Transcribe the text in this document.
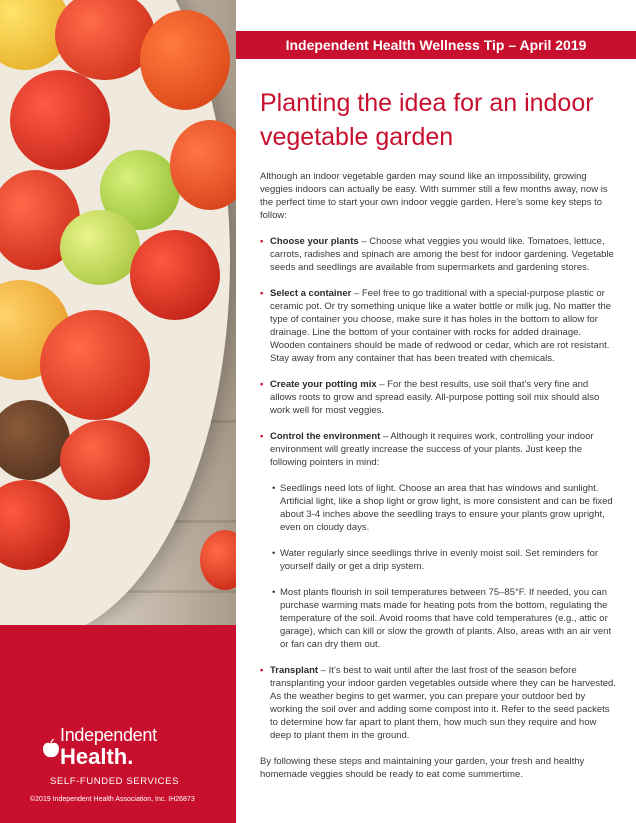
Independent
Health.
SELF-FUNDED SERVICES
©2019 Independent Health Association, Inc. IH26873
Independent Health Wellness Tip – April 2019
Planting the idea for an indoor vegetable garden

Although an indoor vegetable garden may sound like an impossibility, growing veggies indoors can actually be easy. With summer still a few months away, now is the perfect time to start your own indoor veggie garden. Here’s some key steps to follow:

• Choose your plants – Choose what veggies you would like. Tomatoes, lettuce, carrots, radishes and spinach are among the best for indoor gardening. Vegetable seeds and seedlings are available from supermarkets and gardening stores.
• Select a container – Feel free to go traditional with a special-purpose plastic or ceramic pot. Or try something unique like a water bottle or milk jug. No matter the type of container you choose, make sure it has holes in the bottom to allow for drainage. Line the bottom of your container with rocks for added drainage. Wooden containers should be made of redwood or cedar, which are rot resistant. Stay away from any container that has been treated with chemicals.
• Create your potting mix – For the best results, use soil that’s very fine and allows roots to grow and spread easily. All-purpose potting soil mix should also work well for most veggies.
• Control the environment – Although it requires work, controlling your indoor environment will greatly increase the success of your plants. Just keep the following pointers in mind:
• Seedlings need lots of light. Choose an area that has windows and sunlight. Artificial light, like a shop light or grow light, is more consistent and can be fixed about 3-4 inches above the seedling trays to ensure your plants grow upright, even on cloudy days.
• Water regularly since seedlings thrive in evenly moist soil. Set reminders for yourself daily or get a drip system.
• Most plants flourish in soil temperatures between 75–85°F. If needed, you can purchase warming mats made for heating pots from the bottom, regulating the temperature of the soil. Avoid rooms that have cold temperatures (e.g., attic or garage), which can kill or slow the growth of plants. Also, areas with an air vent or fan can dry them out.
• Transplant – It’s best to wait until after the last frost of the season before transplanting your indoor garden vegetables outside where they can be harvested. As the weather begins to get warmer, you can prepare your outdoor bed by working the soil over and adding some compost into it. Refer to the seed packets to determine how far apart to plant them, how much sun they require and how deep to plant them in the ground.

By following these steps and maintaining your garden, your fresh and healthy homemade veggies should be ready to eat come summertime.
